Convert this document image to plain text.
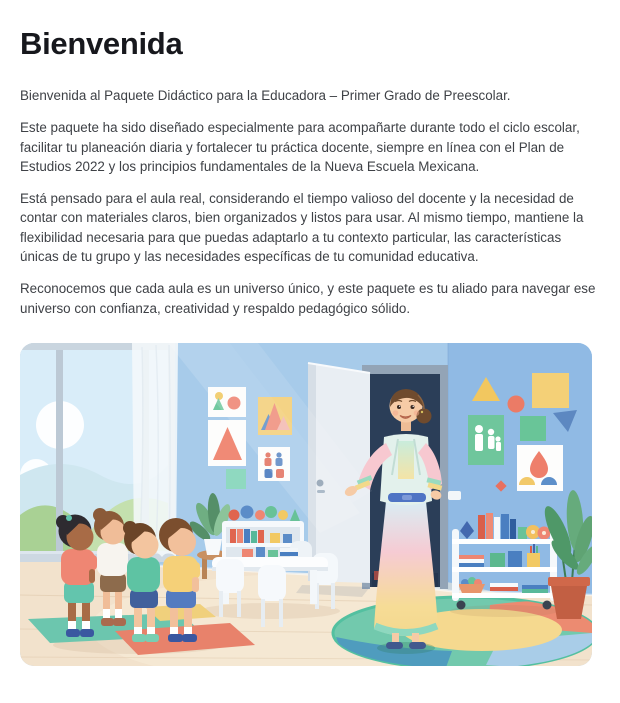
Bienvenida

Bienvenida al Paquete Didáctico para la Educadora – Primer Grado de Preescolar.

Este paquete ha sido diseñado especialmente para acompañarte durante todo el ciclo escolar, facilitar tu planeación diaria y fortalecer tu práctica docente, siempre en línea con el Plan de Estudios 2022 y los principios fundamentales de la Nueva Escuela Mexicana.

Está pensado para el aula real, considerando el tiempo valioso del docente y la necesidad de contar con materiales claros, bien organizados y listos para usar. Al mismo tiempo, mantiene la flexibilidad necesaria para que puedas adaptarlo a tu contexto particular, las características únicas de tu grupo y las necesidades específicas de tu comunidad educativa.

Reconocemos que cada aula es un universo único, y este paquete es tu aliado para navegar ese universo con confianza, creatividad y respaldo pedagógico sólido.
